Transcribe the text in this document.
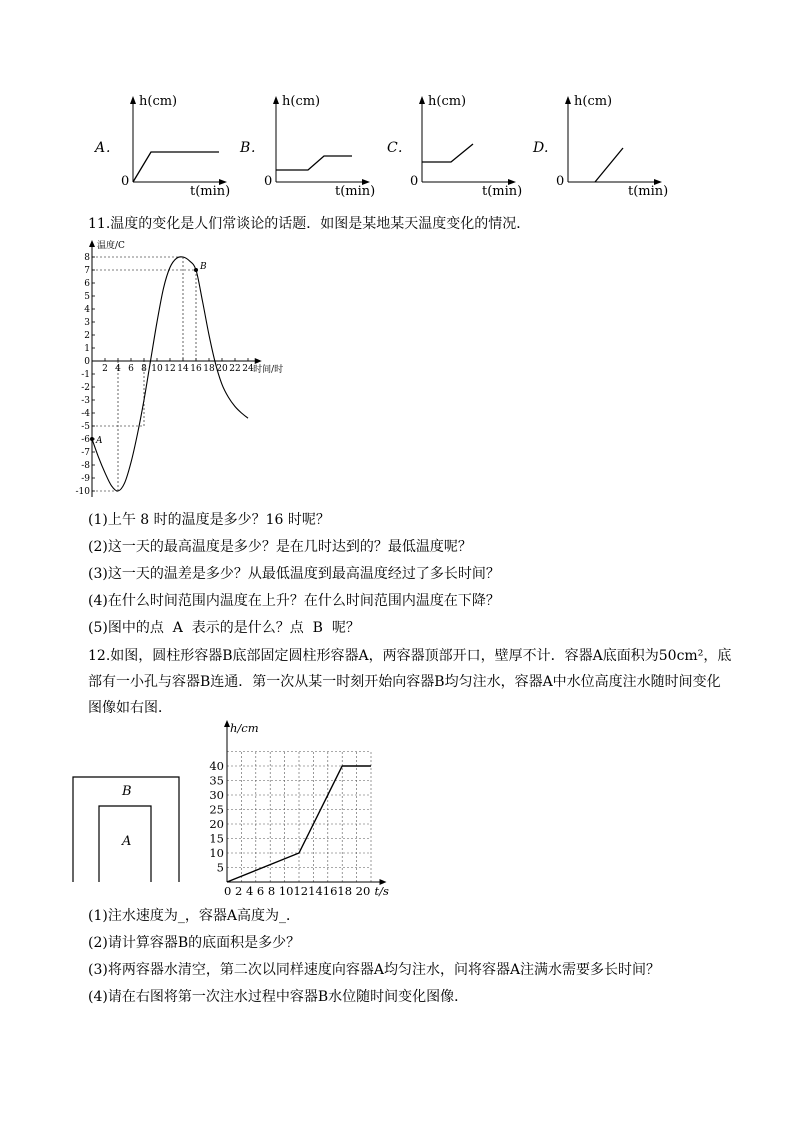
A .
h(cm)
t(min)
0
B .
h(cm)
t(min)
0
C .
h(cm)
t(min)
0
D .
h(cm)
t(min)
0
11.温度的变化是人们常谈论的话题．如图是某地某天温度变化的情况．
8
7
6
5
4
3
2
1
0
-1
-2
-3
-4
-5
-6
-7
-8
-9
-10
2 4 6 8 10 12 14 16 18 20 22 24
温度/C
时间/时
A
B
(1)上午 8 时的温度是多少？16 时呢？
(2)这一天的最高温度是多少？是在几时达到的？最低温度呢？
(3)这一天的温差是多少？从最低温度到最高温度经过了多长时间？
(4)在什么时间范围内温度在上升？在什么时间范围内温度在下降？
(5)图中的点  A  表示的是什么？点  B  呢？
12.如图，圆柱形容器B底部固定圆柱形容器A，两容器顶部开口，壁厚不计．容器A底面积为50cm²，底
部有一小孔与容器B连通．第一次从某一时刻开始向容器B均匀注水，容器A中水位高度注水随时间变化
图像如右图．
B
A
40
35
30
25
20
15
10
5
0 2 4 6 8 1012141618 20
h/cm
t/s
(1)注水速度为_，容器A高度为_．
(2)请计算容器B的底面积是多少？
(3)将两容器水清空，第二次以同样速度向容器A均匀注水，问将容器A注满水需要多长时间？
(4)请在右图将第一次注水过程中容器B水位随时间变化图像．
